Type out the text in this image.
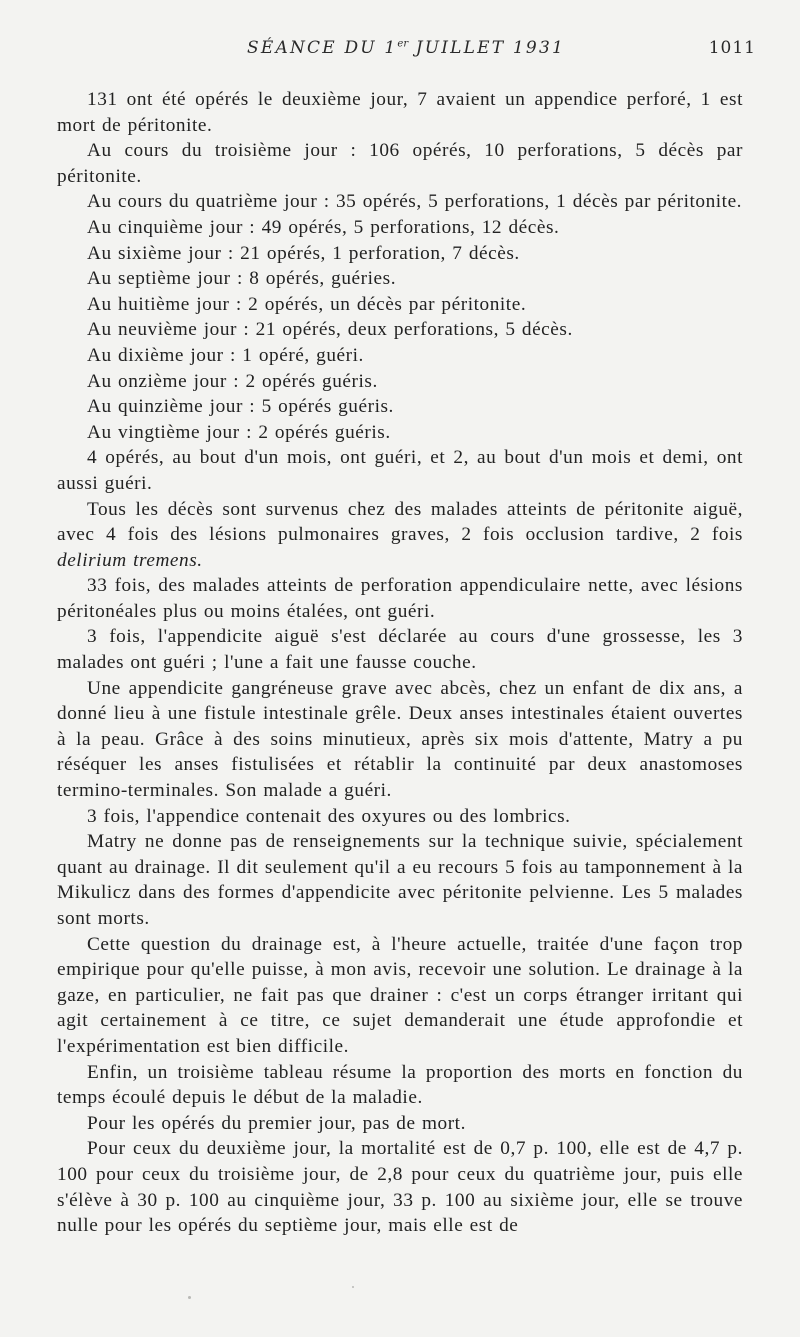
SÉANCE DU 1er JUILLET 1931	1011

131 ont été opérés le deuxième jour, 7 avaient un appendice perforé, 1 est mort de péritonite.

Au cours du troisième jour : 106 opérés, 10 perforations, 5 décès par péritonite.

Au cours du quatrième jour : 35 opérés, 5 perforations, 1 décès par péritonite.

Au cinquième jour : 49 opérés, 5 perforations, 12 décès.

Au sixième jour : 21 opérés, 1 perforation, 7 décès.

Au septième jour : 8 opérés, guéries.

Au huitième jour : 2 opérés, un décès par péritonite.

Au neuvième jour : 21 opérés, deux perforations, 5 décès.

Au dixième jour : 1 opéré, guéri.

Au onzième jour : 2 opérés guéris.

Au quinzième jour : 5 opérés guéris.

Au vingtième jour : 2 opérés guéris.

4 opérés, au bout d'un mois, ont guéri, et 2, au bout d'un mois et demi, ont aussi guéri.

Tous les décès sont survenus chez des malades atteints de péritonite aiguë, avec 4 fois des lésions pulmonaires graves, 2 fois occlusion tardive, 2 fois delirium tremens.

33 fois, des malades atteints de perforation appendiculaire nette, avec lésions péritonéales plus ou moins étalées, ont guéri.

3 fois, l'appendicite aiguë s'est déclarée au cours d'une grossesse, les 3 malades ont guéri ; l'une a fait une fausse couche.

Une appendicite gangréneuse grave avec abcès, chez un enfant de dix ans, a donné lieu à une fistule intestinale grêle. Deux anses intestinales étaient ouvertes à la peau. Grâce à des soins minutieux, après six mois d'attente, Matry a pu réséquer les anses fistulisées et rétablir la continuité par deux anastomoses termino-terminales. Son malade a guéri.

3 fois, l'appendice contenait des oxyures ou des lombrics.

Matry ne donne pas de renseignements sur la technique suivie, spécialement quant au drainage. Il dit seulement qu'il a eu recours 5 fois au tamponnement à la Mikulicz dans des formes d'appendicite avec péritonite pelvienne. Les 5 malades sont morts.

Cette question du drainage est, à l'heure actuelle, traitée d'une façon trop empirique pour qu'elle puisse, à mon avis, recevoir une solution. Le drainage à la gaze, en particulier, ne fait pas que drainer : c'est un corps étranger irritant qui agit certainement à ce titre, ce sujet demanderait une étude approfondie et l'expérimentation est bien difficile.

Enfin, un troisième tableau résume la proportion des morts en fonction du temps écoulé depuis le début de la maladie.

Pour les opérés du premier jour, pas de mort.

Pour ceux du deuxième jour, la mortalité est de 0,7 p. 100, elle est de 4,7 p. 100 pour ceux du troisième jour, de 2,8 pour ceux du quatrième jour, puis elle s'élève à 30 p. 100 au cinquième jour, 33 p. 100 au sixième jour, elle se trouve nulle pour les opérés du septième jour, mais elle est de
